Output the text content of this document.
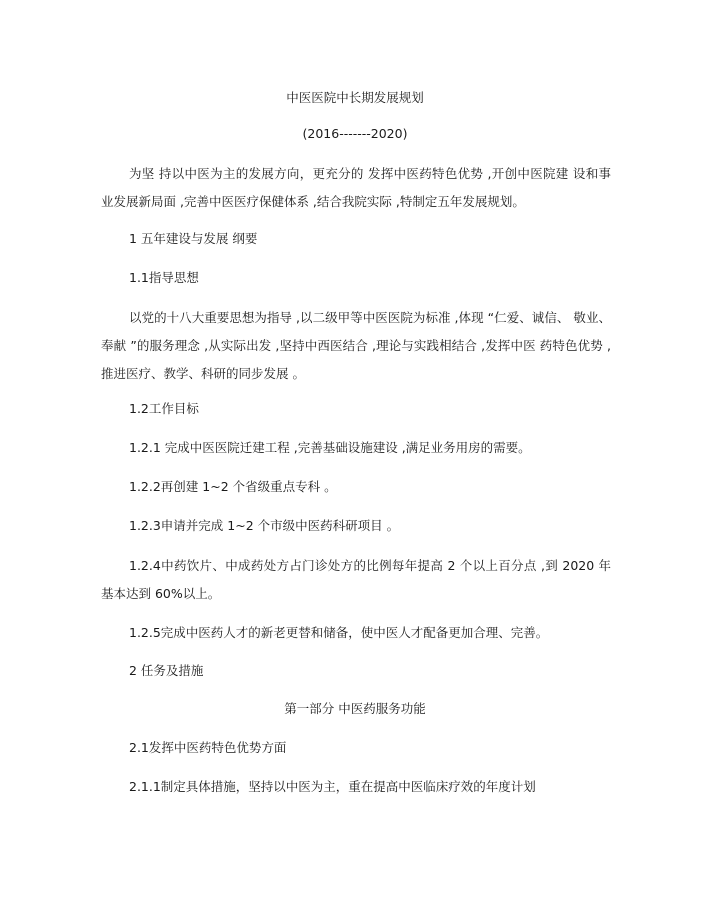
中医医院中长期发展规划
(2016-------2020)
为坚 持以中医为主的发展方向，更充分的 发挥中医药特色优势 ,开创中医院建 设和事业发展新局面 ,完善中医医疗保健体系 ,结合我院实际 ,特制定五年发展规划。
1 五年建设与发展 纲要
1.1指导思想
以党的十八大重要思想为指导 ,以二级甲等中医医院为标准 ,体现 “仁爱、诚信、 敬业、奉献 ”的服务理念 ,从实际出发 ,坚持中西医结合 ,理论与实践相结合 ,发挥中医 药特色优势 ,推进医疗、教学、科研的同步发展 。
1.2工作目标
1.2.1 完成中医医院迁建工程 ,完善基础设施建设 ,满足业务用房的需要。
1.2.2再创建 1~2 个省级重点专科 。
1.2.3申请并完成 1~2 个市级中医药科研项目 。
1.2.4中药饮片、中成药处方占门诊处方的比例每年提高 2 个以上百分点 ,到 2020 年基本达到 60%以上。
1.2.5完成中医药人才的新老更替和储备，使中医人才配备更加合理、完善。
2 任务及措施
第一部分 中医药服务功能
2.1发挥中医药特色优势方面
2.1.1制定具体措施，坚持以中医为主，重在提高中医临床疗效的年度计划
